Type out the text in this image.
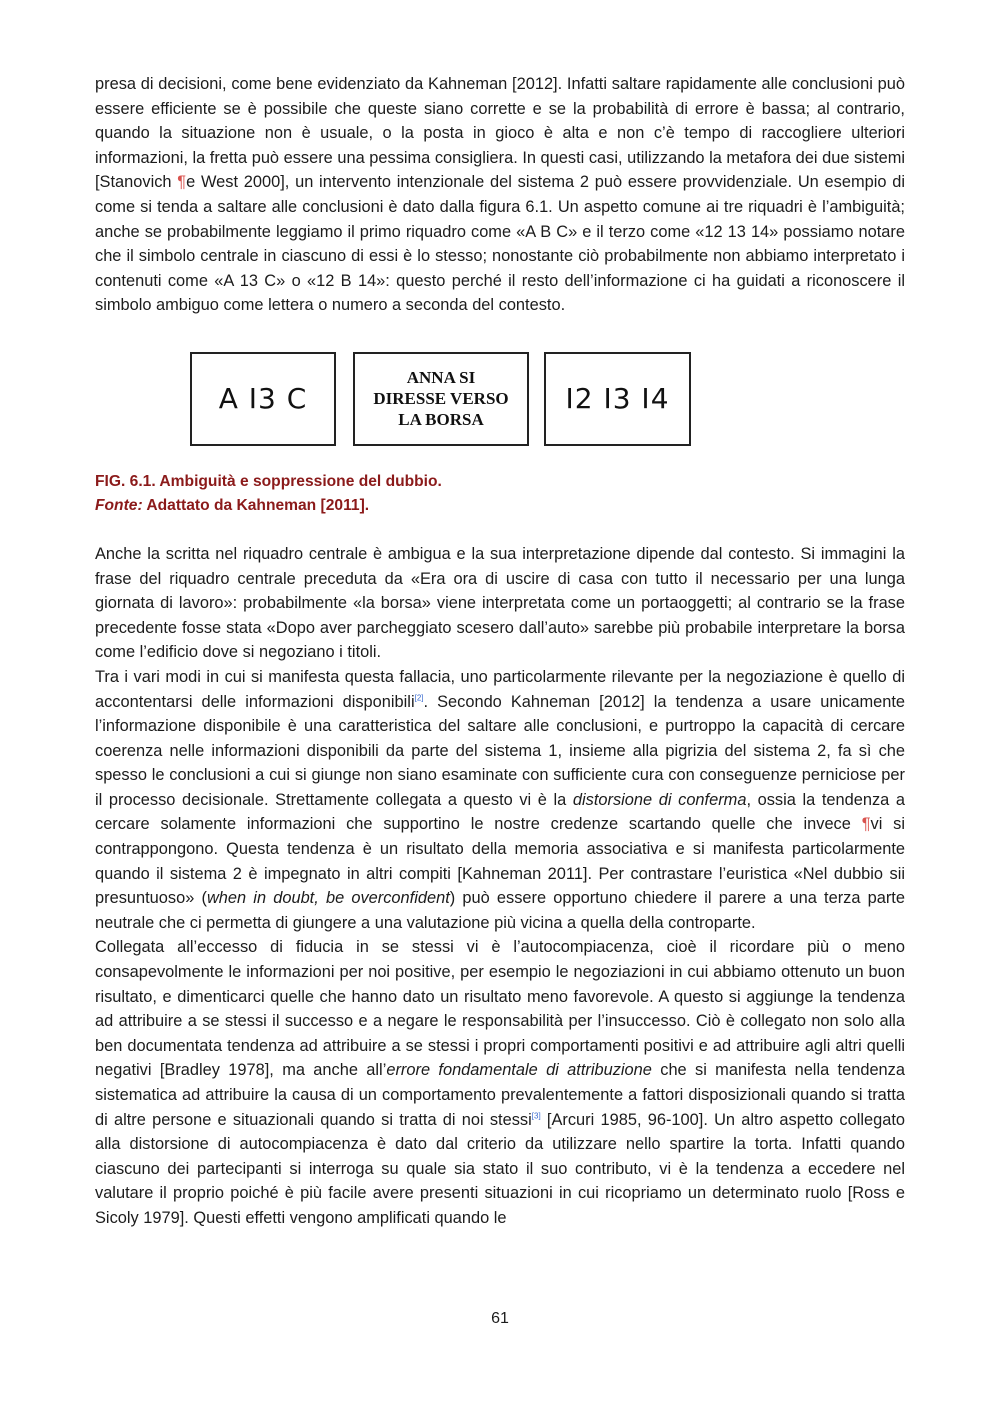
presa di decisioni, come bene evidenziato da Kahneman [2012]. Infatti saltare rapidamente alle conclusioni può essere efficiente se è possibile che queste siano corrette e se la probabilità di errore è bassa; al contrario, quando la situazione non è usuale, o la posta in gioco è alta e non c’è tempo di raccogliere ulteriori informazioni, la fretta può essere una pessima consigliera. In questi casi, utilizzando la metafora dei due sistemi [Stanovich ¶e West 2000], un intervento intenzionale del sistema 2 può essere provvidenziale. Un esempio di come si tenda a saltare alle conclusioni è dato dalla figura 6.1. Un aspetto comune ai tre riquadri è l’ambiguità; anche se probabilmente leggiamo il primo riquadro come «A B C» e il terzo come «12 13 14» possiamo notare che il simbolo centrale in ciascuno di essi è lo stesso; nonostante ciò probabilmente non abbiamo interpretato i contenuti come «A 13 C» o «12 B 14»: questo perché il resto dell’informazione ci ha guidati a riconoscere il simbolo ambiguo come lettera o numero a seconda del contesto.

A I3 C
ANNA SI
DIRESSE VERSO
LA BORSA
I2 I3 I4
FIG. 6.1. Ambiguità e soppressione del dubbio.
Fonte: Adattato da Kahneman [2011].

Anche la scritta nel riquadro centrale è ambigua e la sua interpretazione dipende dal contesto. Si immagini la frase del riquadro centrale preceduta da «Era ora di uscire di casa con tutto il necessario per una lunga giornata di lavoro»: probabilmente «la borsa» viene interpretata come un portaoggetti; al contrario se la frase precedente fosse stata «Dopo aver parcheggiato scesero dall’auto» sarebbe più probabile interpretare la borsa come l’edificio dove si negoziano i titoli.

Tra i vari modi in cui si manifesta questa fallacia, uno particolarmente rilevante per la negoziazione è quello di accontentarsi delle informazioni disponibili[2]. Secondo Kahneman [2012] la tendenza a usare unicamente l’informazione disponibile è una caratteristica del saltare alle conclusioni, e purtroppo la capacità di cercare coerenza nelle informazioni disponibili da parte del sistema 1, insieme alla pigrizia del sistema 2, fa sì che spesso le conclusioni a cui si giunge non siano esaminate con sufficiente cura con conseguenze perniciose per il processo decisionale. Strettamente collegata a questo vi è la distorsione di conferma, ossia la tendenza a cercare solamente informazioni che supportino le nostre credenze scartando quelle che invece ¶vi si contrappongono. Questa tendenza è un risultato della memoria associativa e si manifesta particolarmente quando il sistema 2 è impegnato in altri compiti [Kahneman 2011]. Per contrastare l’euristica «Nel dubbio sii presuntuoso» (when in doubt, be overconfident) può essere opportuno chiedere il parere a una terza parte neutrale che ci permetta di giungere a una valutazione più vicina a quella della controparte.

Collegata all’eccesso di fiducia in se stessi vi è l’autocompiacenza, cioè il ricordare più o meno consapevolmente le informazioni per noi positive, per esempio le negoziazioni in cui abbiamo ottenuto un buon risultato, e dimenticarci quelle che hanno dato un risultato meno favorevole. A questo si aggiunge la tendenza ad attribuire a se stessi il successo e a negare le responsabilità per l’insuccesso. Ciò è collegato non solo alla ben documentata tendenza ad attribuire a se stessi i propri comportamenti positivi e ad attribuire agli altri quelli negativi [Bradley 1978], ma anche all’errore fondamentale di attribuzione che si manifesta nella tendenza sistematica ad attribuire la causa di un comportamento prevalentemente a fattori disposizionali quando si tratta di altre persone e situazionali quando si tratta di noi stessi[3] [Arcuri 1985, 96-100]. Un altro aspetto collegato alla distorsione di autocompiacenza è dato dal criterio da utilizzare nello spartire la torta. Infatti quando ciascuno dei partecipanti si interroga su quale sia stato il suo contributo, vi è la tendenza a eccedere nel valutare il proprio poiché è più facile avere presenti situazioni in cui ricopriamo un determinato ruolo [Ross e Sicoly 1979]. Questi effetti vengono amplificati quando le

61
